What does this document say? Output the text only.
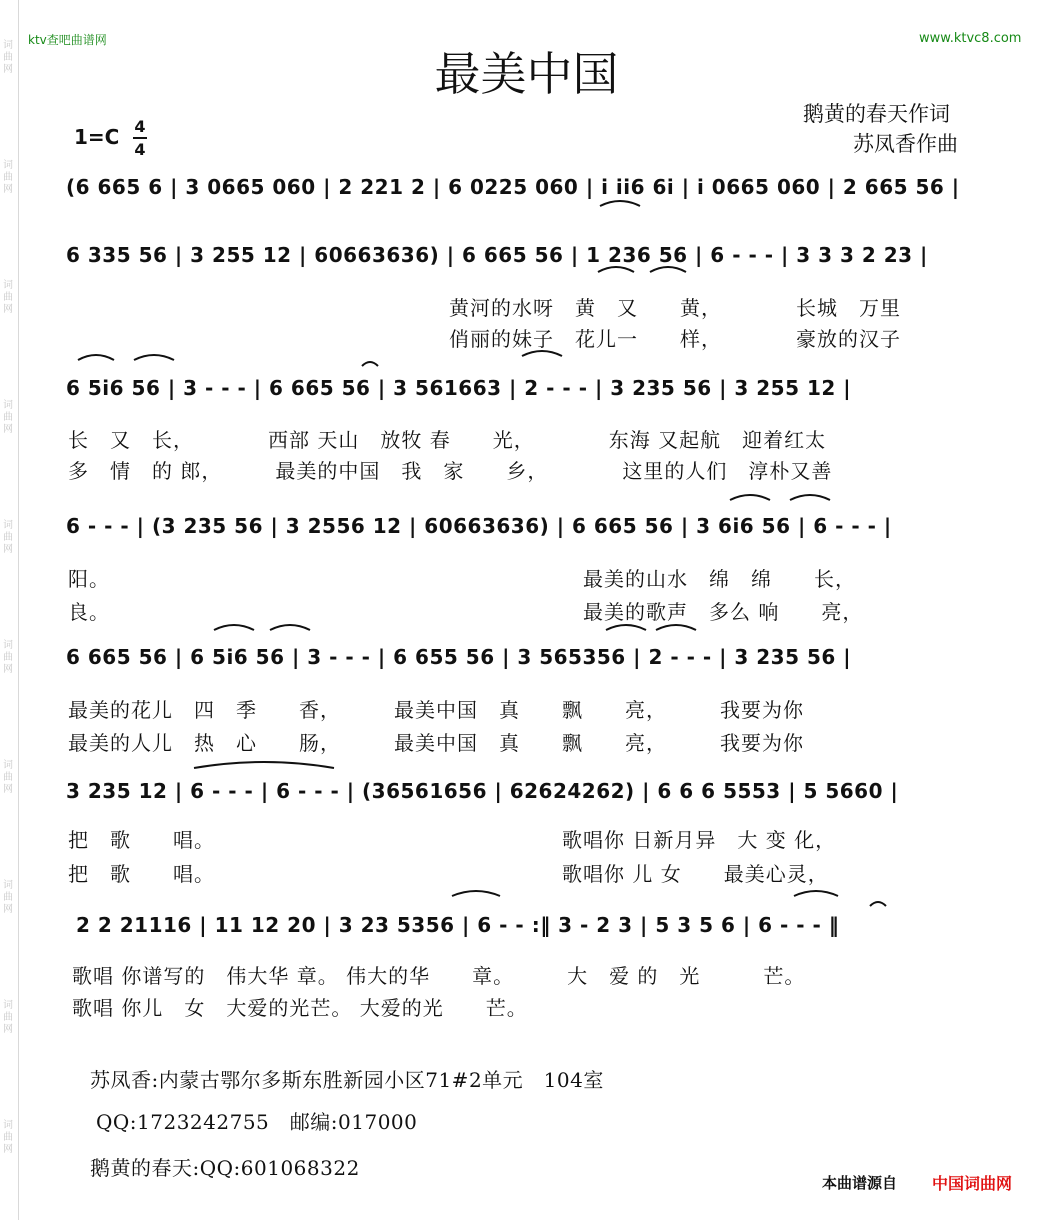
词
曲
网
词
曲
网
词
曲
网
词
曲
网
词
曲
网
词
曲
网
词
曲
网
词
曲
网
词
曲
网
词
曲
网
ktv查吧曲谱网	www.ktvc8.com
最美中国
鹅黄的春天作词
苏凤香作曲
1=C 4
4
(6 665 6 | 3 0665 060 | 2 221 2 | 6 0225 060 | i ii6 6i | i 0665 060 | 2 665 56 |
6 335 56 | 3 255 12 | 60663636) | 6 665 56 | 1 236 56 | 6 - - - | 3 3 3 2 23 |
黄河的水呀　黄　又　　黄，　　　　长城　万里
俏丽的妹子　花儿一　　样，　　　　豪放的汉子
6 5i6 56 | 3 - - - | 6 665 56 | 3 561663 | 2 - - - | 3 235 56 | 3 255 12 |
长　又　长，　　　　西部 天山　放牧 春　　光，　　　　东海 又起航　迎着红太
多　情　的 郎，　　　最美的中国　我　家　　乡，　　　　这里的人们　淳朴又善
6 - - - | (3 235 56 | 3 2556 12 | 60663636) | 6 665 56 | 3 6i6 56 | 6 - - - |
阳。　　　　　　　　　　　　　　　　　　　　　　　最美的山水　绵　绵　　长，
良。　　　　　　　　　　　　　　　　　　　　　　　最美的歌声　多么 响　　亮，
6 665 56 | 6 5i6 56 | 3 - - - | 6 655 56 | 3 565356 | 2 - - - | 3 235 56 |
最美的花儿　四　季　　香，　　　最美中国　真　　飘　　亮，　　　我要为你
最美的人儿　热　心　　肠，　　　最美中国　真　　飘　　亮，　　　我要为你
3 235 12 | 6 - - - | 6 - - - | (36561656 | 62624262) | 6 6 6 5553 | 5 5660 |
把　歌　　唱。　　　　　　　　　　　　　　　　　歌唱你 日新月异　大 变 化，
把　歌　　唱。　　　　　　　　　　　　　　　　　歌唱你 儿 女　　最美心灵，
2 2 21116 | 11 12 20 | 3 23 5356 | 6 - - :‖ 3 - 2 3 | 5 3 5 6 | 6 - - - ‖
歌唱 你谱写的　伟大华 章。 伟大的华　　章。　　　大　爱 的　光　　　芒。
歌唱 你儿　女　大爱的光芒。 大爱的光　　芒。
苏凤香:内蒙古鄂尔多斯东胜新园小区71#2单元　104室
QQ:1723242755　邮编:017000
鹅黄的春天:QQ:601068322
本曲谱源自 中国词曲网
